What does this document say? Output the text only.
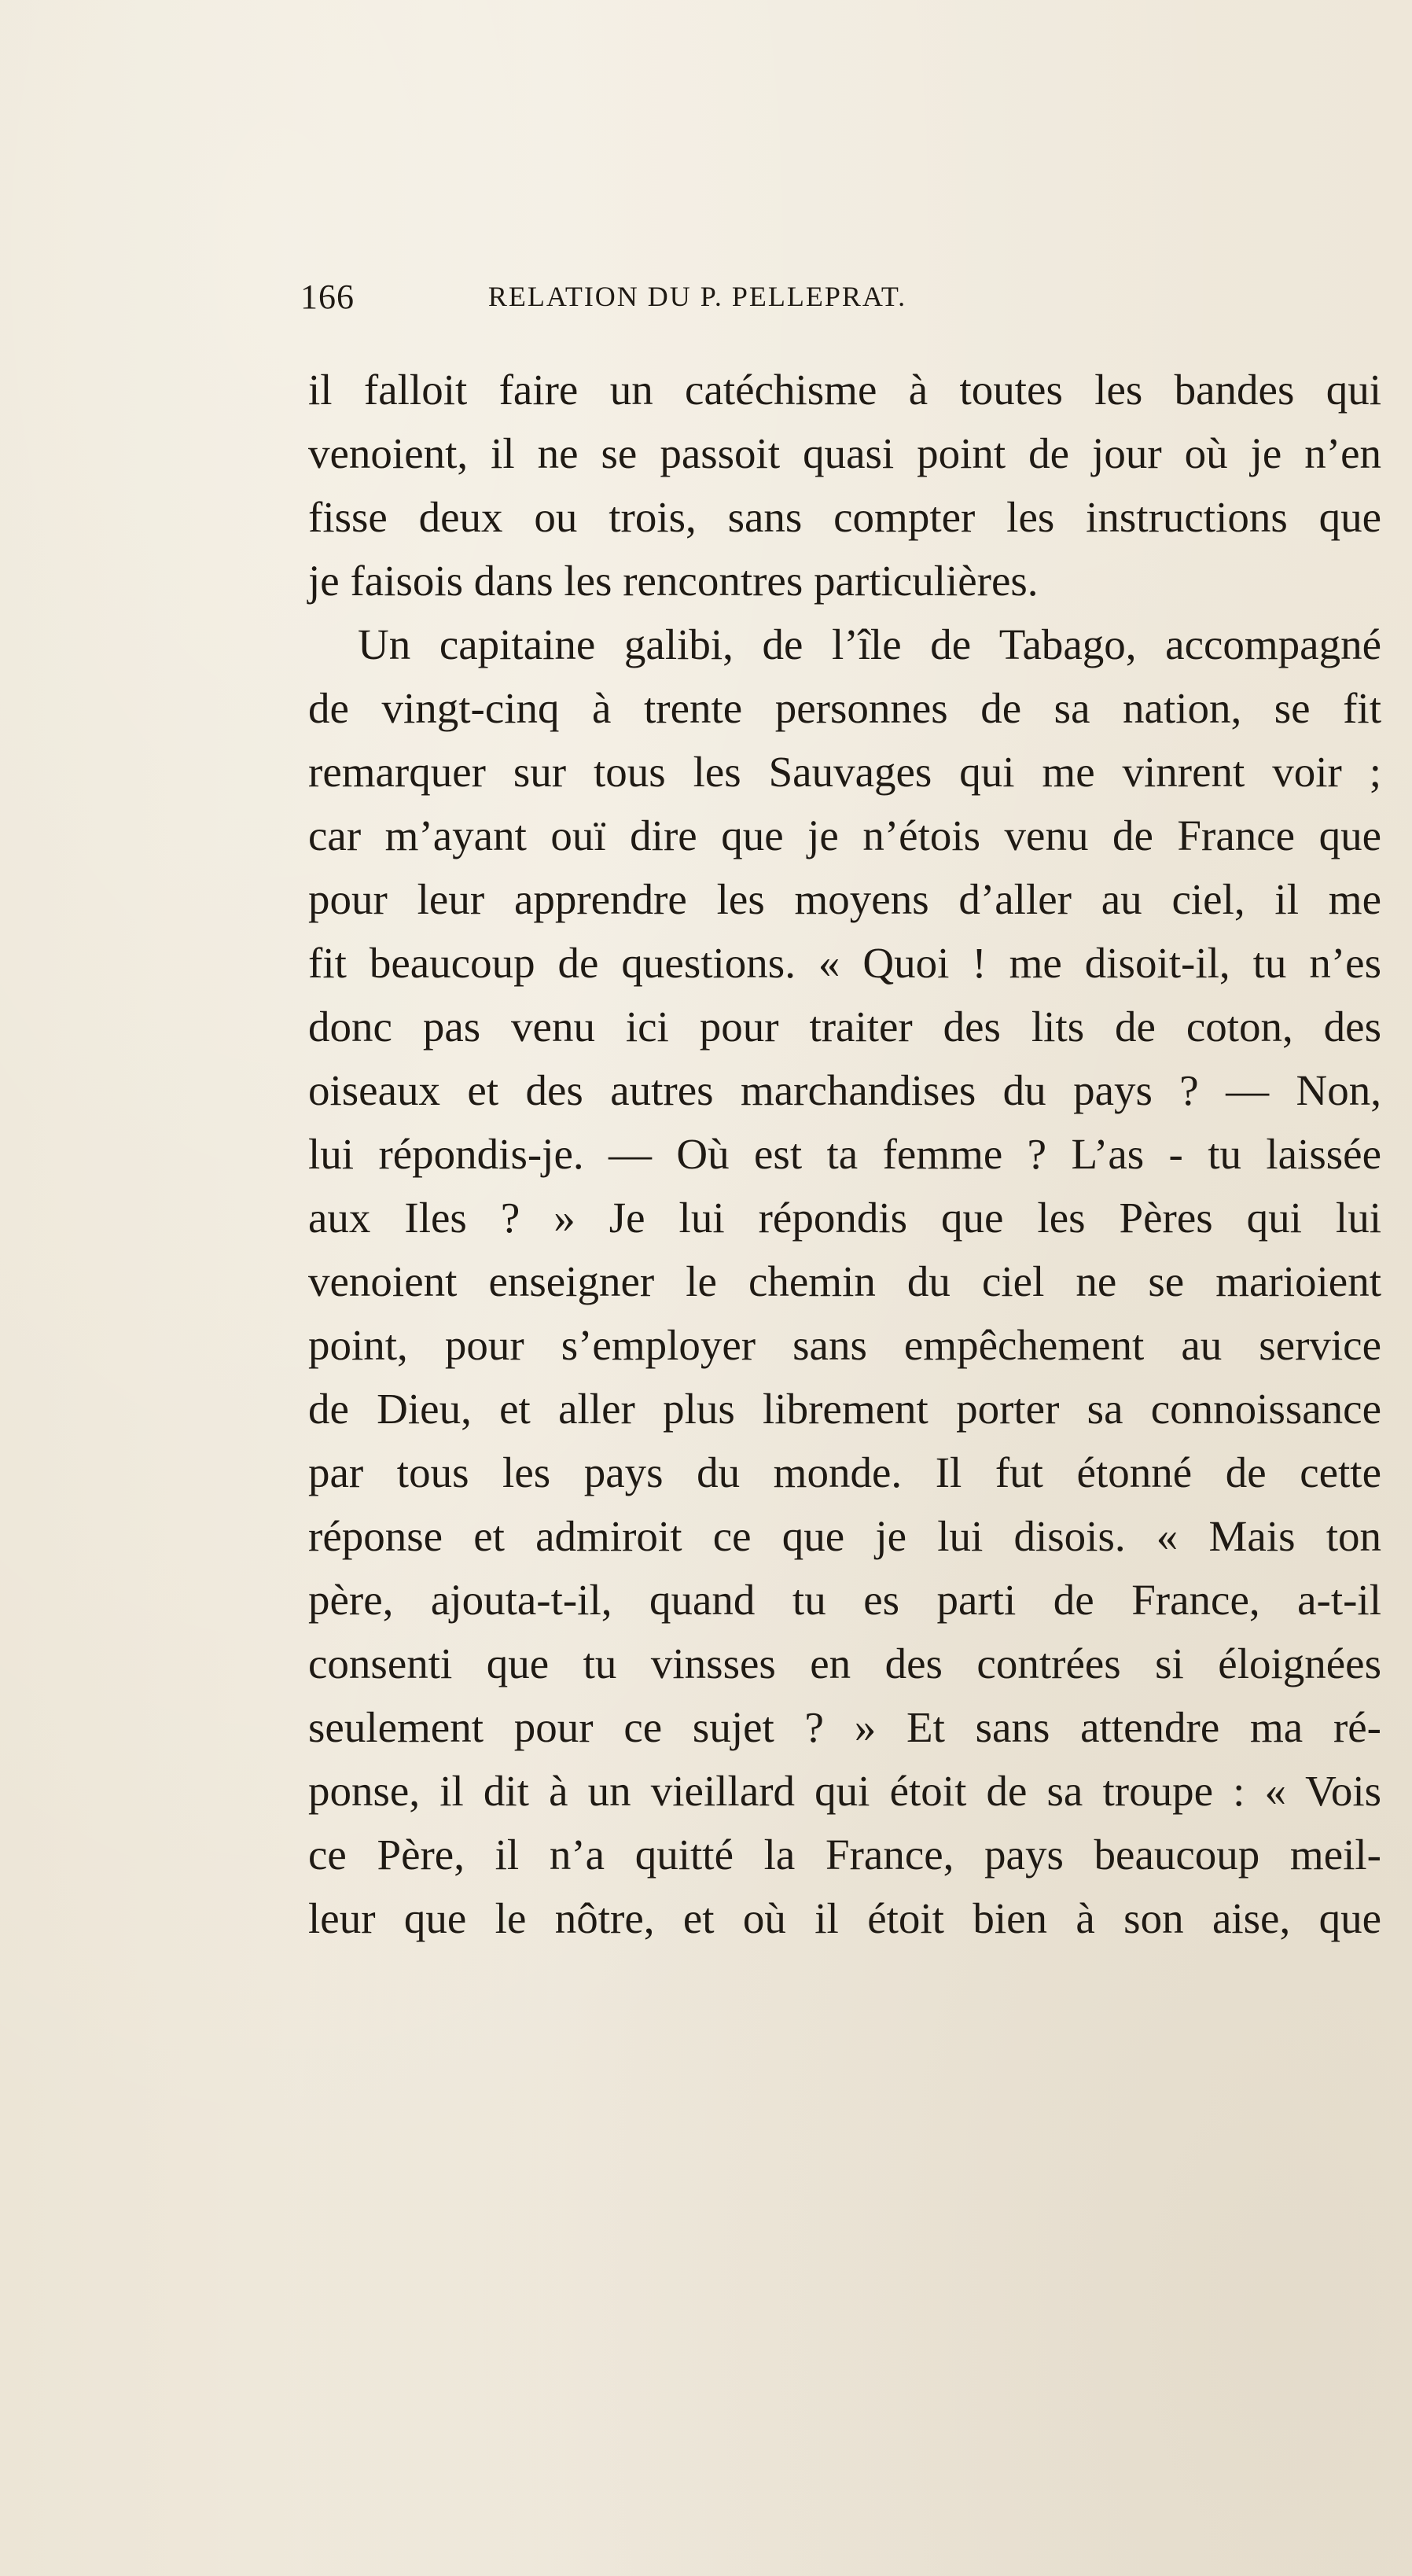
166	RELATION DU P. PELLEPRAT.
il falloit faire un catéchisme à toutes les bandes qui
venoient, il ne se passoit quasi point de jour où je n’en
fisse deux ou trois, sans compter les instructions que
je faisois dans les rencontres particulières.
Un capitaine galibi, de l’île de Tabago, accompagné
de vingt-cinq à trente personnes de sa nation, se fit
remarquer sur tous les Sauvages qui me vinrent voir ;
car m’ayant ouï dire que je n’étois venu de France que
pour leur apprendre les moyens d’aller au ciel, il me
fit beaucoup de questions. « Quoi ! me disoit-il, tu n’es
donc pas venu ici pour traiter des lits de coton, des
oiseaux et des autres marchandises du pays ? — Non,
lui répondis-je. — Où est ta femme ? L’as - tu laissée
aux Iles ? » Je lui répondis que les Pères qui lui
venoient enseigner le chemin du ciel ne se marioient
point, pour s’employer sans empêchement au service
de Dieu, et aller plus librement porter sa connoissance
par tous les pays du monde. Il fut étonné de cette
réponse et admiroit ce que je lui disois. « Mais ton
père, ajouta-t-il, quand tu es parti de France, a-t-il
consenti que tu vinsses en des contrées si éloignées
seulement pour ce sujet ? » Et sans attendre ma ré-
ponse, il dit à un vieillard qui étoit de sa troupe : « Vois
ce Père, il n’a quitté la France, pays beaucoup meil-
leur que le nôtre, et où il étoit bien à son aise, que
